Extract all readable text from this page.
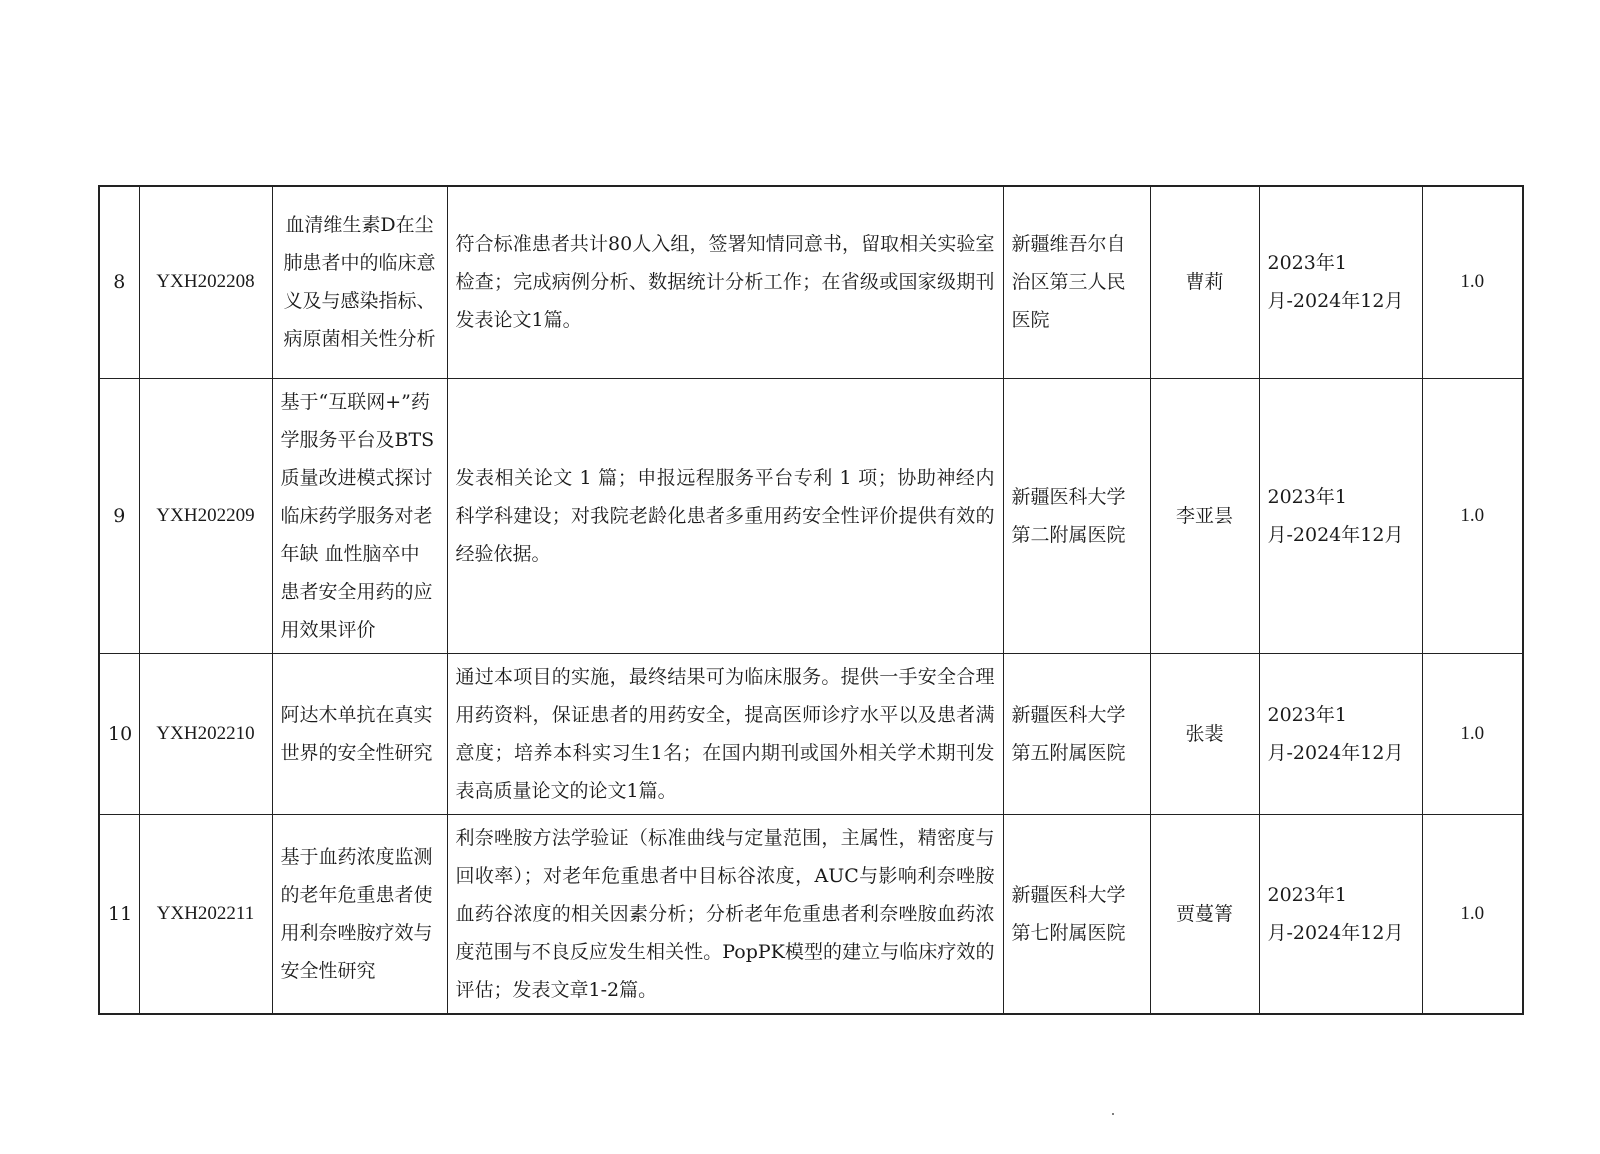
8	YXH202208	血清维生素D在尘肺患者中的临床意义及与感染指标、病原菌相关性分析	符合标准患者共计80人入组，签署知情同意书，留取相关实验室检查；完成病例分析、数据统计分析工作；在省级或国家级期刊发表论文1篇。	新疆维吾尔自治区第三人民医院	曹莉	2023年1月-2024年12月	1.0
9	YXH202209	基于“互联网+”药学服务平台及BTS质量改进模式探讨临床药学服务对老年缺 血性脑卒中患者安全用药的应用效果评价	发表相关论文 1 篇；申报远程服务平台专利 1 项；协助神经内科学科建设；对我院老龄化患者多重用药安全性评价提供有效的经验依据。	新疆医科大学第二附属医院	李亚昙	2023年1月-2024年12月	1.0
10	YXH202210	阿达木单抗在真实世界的安全性研究	通过本项目的实施，最终结果可为临床服务。提供一手安全合理用药资料，保证患者的用药安全，提高医师诊疗水平以及患者满意度；培养本科实习生1名；在国内期刊或国外相关学术期刊发表高质量论文的论文1篇。	新疆医科大学第五附属医院	张裴	2023年1月-2024年12月	1.0
11	YXH202211	基于血药浓度监测的老年危重患者使用利奈唑胺疗效与安全性研究	利奈唑胺方法学验证（标准曲线与定量范围，主属性，精密度与回收率）；对老年危重患者中目标谷浓度，AUC与影响利奈唑胺血药谷浓度的相关因素分析；分析老年危重患者利奈唑胺血药浓度范围与不良反应发生相关性。PopPK模型的建立与临床疗效的评估；发表文章1-2篇。	新疆医科大学第七附属医院	贾蔓箐	2023年1月-2024年12月	1.0
